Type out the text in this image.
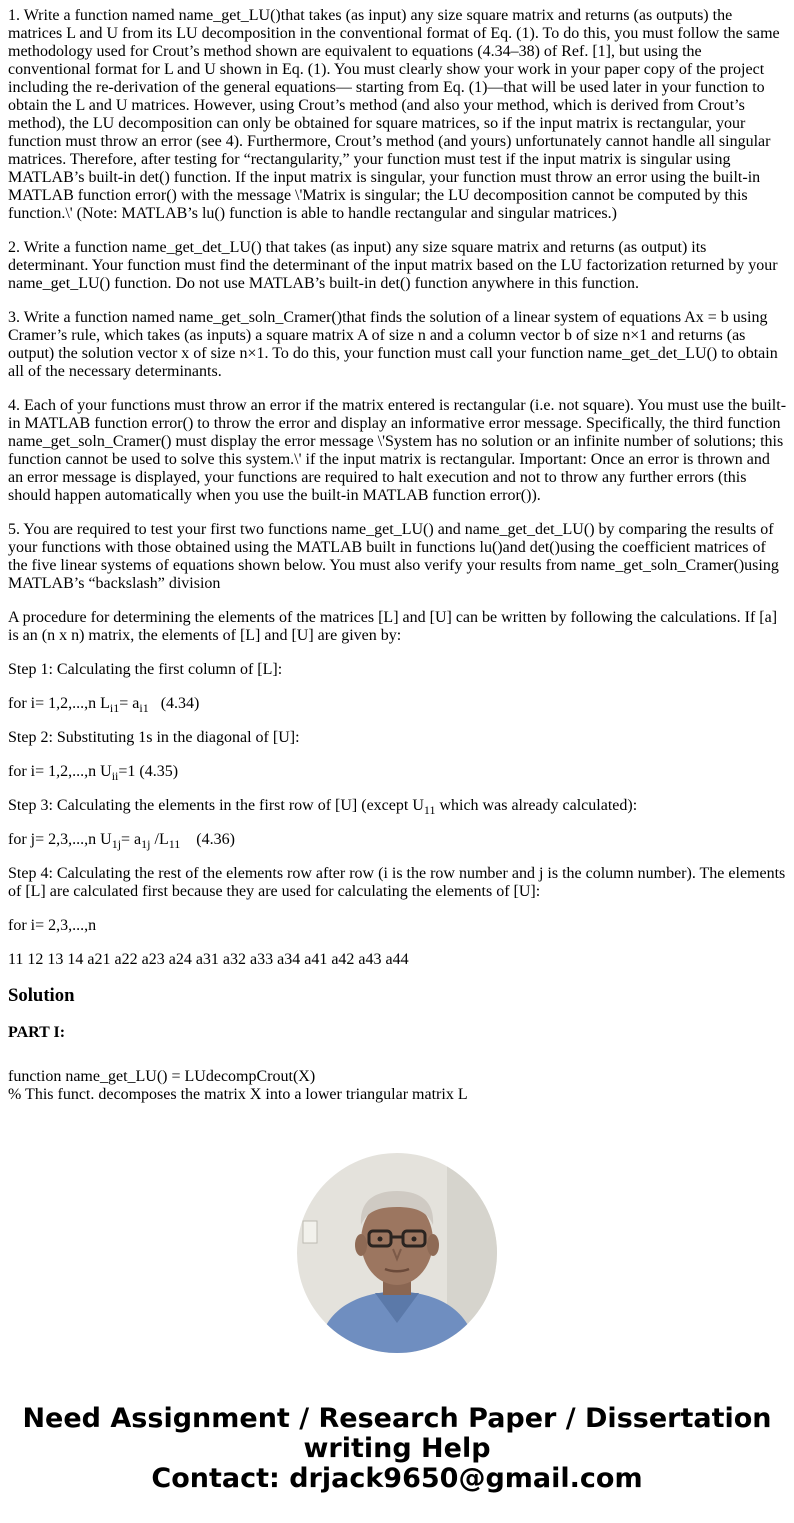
1. Write a function named name_get_LU()that takes (as input) any size square matrix and returns (as outputs) the matrices L and U from its LU decomposition in the conventional format of Eq. (1). To do this, you must follow the same methodology used for Crout’s method shown are equivalent to equations (4.34–38) of Ref. [1], but using the conventional format for L and U shown in Eq. (1). You must clearly show your work in your paper copy of the project including the re-derivation of the general equations— starting from Eq. (1)—that will be used later in your function to obtain the L and U matrices. However, using Crout’s method (and also your method, which is derived from Crout’s method), the LU decomposition can only be obtained for square matrices, so if the input matrix is rectangular, your function must throw an error (see 4). Furthermore, Crout’s method (and yours) unfortunately cannot handle all singular matrices. Therefore, after testing for “rectangularity,” your function must test if the input matrix is singular using MATLAB’s built-in det() function. If the input matrix is singular, your function must throw an error using the built-in MATLAB function error() with the message \'Matrix is singular; the LU decomposition cannot be computed by this function.\' (Note: MATLAB’s lu() function is able to handle rectangular and singular matrices.)

2. Write a function name_get_det_LU() that takes (as input) any size square matrix and returns (as output) its determinant. Your function must find the determinant of the input matrix based on the LU factorization returned by your name_get_LU() function. Do not use MATLAB’s built-in det() function anywhere in this function.

3. Write a function named name_get_soln_Cramer()that finds the solution of a linear system of equations Ax = b using Cramer’s rule, which takes (as inputs) a square matrix A of size n and a column vector b of size n×1 and returns (as output) the solution vector x of size n×1. To do this, your function must call your function name_get_det_LU() to obtain all of the necessary determinants.

4. Each of your functions must throw an error if the matrix entered is rectangular (i.e. not square). You must use the built-in MATLAB function error() to throw the error and display an informative error message. Specifically, the third function name_get_soln_Cramer() must display the error message \'System has no solution or an infinite number of solutions; this function cannot be used to solve this system.\' if the input matrix is rectangular. Important: Once an error is thrown and an error message is displayed, your functions are required to halt execution and not to throw any further errors (this should happen automatically when you use the built-in MATLAB function error()).

5. You are required to test your first two functions name_get_LU() and name_get_det_LU() by comparing the results of your functions with those obtained using the MATLAB built in functions lu()and det()using the coefficient matrices of the five linear systems of equations shown below. You must also verify your results from name_get_soln_Cramer()using MATLAB’s “backslash” division

A procedure for determining the elements of the matrices [L] and [U] can be written by following the calculations. If [a] is an (n x n) matrix, the elements of [L] and [U] are given by:

Step 1: Calculating the first column of [L]:

for i= 1,2,...,n $L_{i1}= a_{i1}$ (4.34)

Step 2: Substituting 1s in the diagonal of [U]:

for i= 1,2,...,n $U_{ii}=1$ (4.35)

Step 3: Calculating the elements in the first row of [U] (except $U_{11}$ which was already calculated):

for j= 2,3,...,n $U_{1j}= a_{1j}$ $/L_{11}$ (4.36)

Step 4: Calculating the rest of the elements row after row (i is the row number and j is the column number). The elements of [L] are calculated first because they are used for calculating the elements of [U]:

for i= 2,3,...,n

11 12 13 14 a21 a22 a23 a24 a31 a32 a33 a34 a41 a42 a43 a44

Solution
PART I:
function name_get_LU() = LUdecompCrout(X)
% This funct. decomposes the matrix X into a lower triangular matrix L
Need Assignment / Research Paper / Dissertation
writing Help
Contact: drjack9650@gmail.com
